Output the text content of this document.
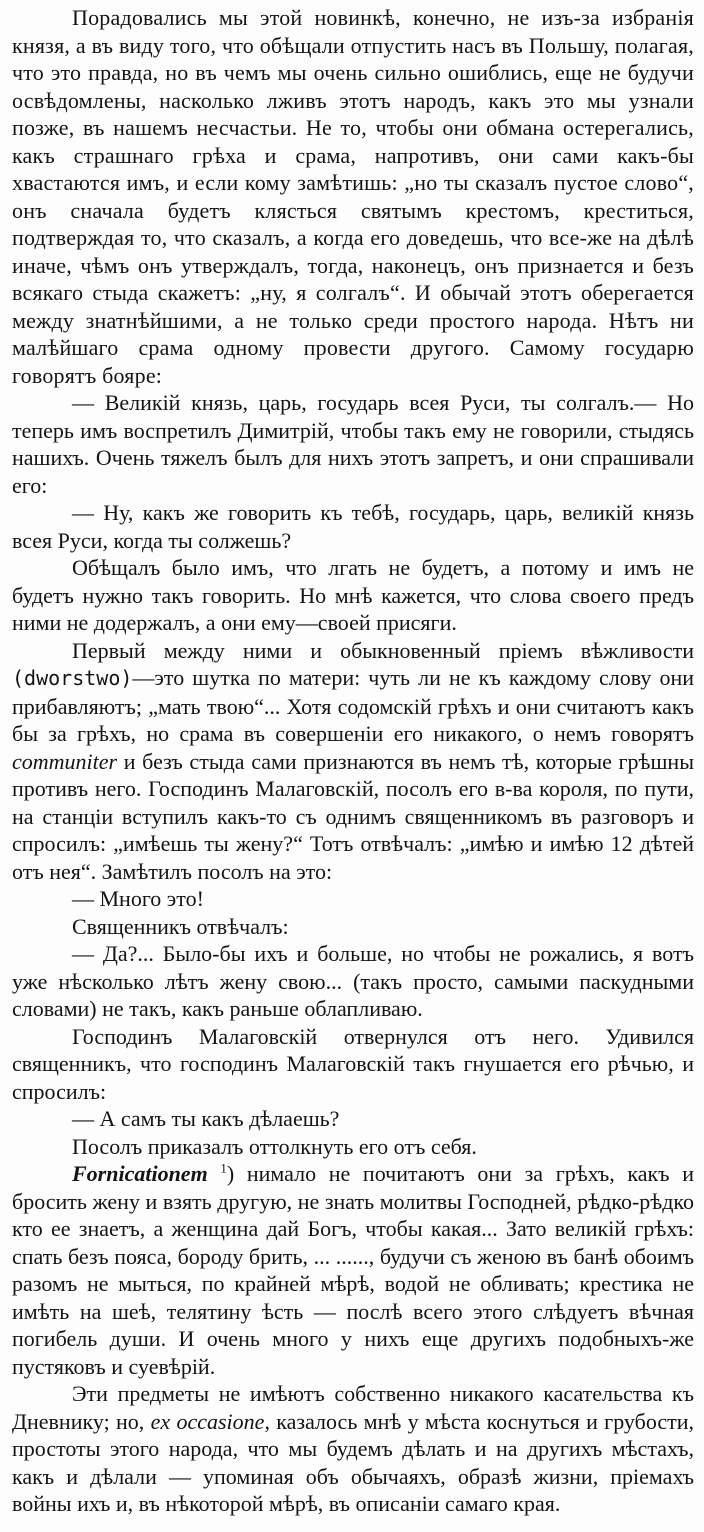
Порадовались мы этой новинкѣ, конечно, не изъ-за избранія князя, а въ виду того, что обѣщали отпустить насъ въ Польшу, полагая, что это правда, но въ чемъ мы очень сильно ошиблись, еще не будучи освѣдомлены, насколько лживъ этотъ народъ, какъ это мы узнали позже, въ нашемъ несчастьи. Не то, чтобы они обмана остерегались, какъ страшнаго грѣха и срама, напротивъ, они сами какъ-бы хвастаются имъ, и если кому замѣтишь: „но ты сказалъ пустое слово“, онъ сначала будетъ клясться святымъ крестомъ, креститься, подтверждая то, что сказалъ, а когда его доведешь, что все-же на дѣлѣ иначе, чѣмъ онъ утверждалъ, тогда, наконецъ, онъ признается и безъ всякаго стыда скажетъ: „ну, я солгалъ“. И обычай этотъ оберегается между знатнѣйшими, а не только среди простого народа. Нѣтъ ни малѣйшаго срама одному провести другого. Самому государю говорятъ бояре:

— Великій князь, царь, государь всея Руси, ты солгалъ.— Но теперь имъ воспретилъ Димитрій, чтобы такъ ему не говорили, стыдясь нашихъ. Очень тяжелъ былъ для нихъ этотъ запретъ, и они спрашивали его:

— Ну, какъ же говорить къ тебѣ, государь, царь, великій князь всея Руси, когда ты солжешь?

Обѣщалъ было имъ, что лгать не будетъ, а потому и имъ не будетъ нужно такъ говорить. Но мнѣ кажется, что слова своего предъ ними не додержалъ, а они ему—своей присяги.

Первый между ними и обыкновенный пріемъ вѣжливости (dworstwo)—это шутка по матери: чуть ли не къ каждому слову они прибавляютъ; „мать твою“... Хотя содомскій грѣхъ и они считаютъ какъ бы за грѣхъ, но срама въ совершеніи его никакого, о немъ говорятъ communiter и безъ стыда сами признаются въ немъ тѣ, которые грѣшны противъ него. Господинъ Малаговскій, посолъ его в-ва короля, по пути, на станціи вступилъ какъ-то съ однимъ священникомъ въ разговоръ и спросилъ: „имѣешь ты жену?“ Тотъ отвѣчалъ: „имѣю и имѣю 12 дѣтей отъ нея“. Замѣтилъ посолъ на это:

— Много это!

Священникъ отвѣчалъ:

— Да?... Было-бы ихъ и больше, но чтобы не рожались, я вотъ уже нѣсколько лѣтъ жену свою... (такъ просто, самыми паскудными словами) не такъ, какъ раньше облапливаю.

Господинъ Малаговскій отвернулся отъ него. Удивился священникъ, что господинъ Малаговскій такъ гнушается его рѣчью, и спросилъ:

— А самъ ты какъ дѣлаешь?

Посолъ приказалъ оттолкнуть его отъ себя.

Fornicationem $^1$) нимало не почитаютъ они за грѣхъ, какъ и бросить жену и взять другую, не знать молитвы Господней, рѣдко-рѣдко кто ее знаетъ, а женщина дай Богъ, чтобы какая... Зато великій грѣхъ: спать безъ пояса, бороду брить, ... ......, будучи съ женою въ банѣ обоимъ разомъ не мыться, по крайней мѣрѣ, водой не обливать; крестика не имѣть на шеѣ, телятину ѣсть — послѣ всего этого слѣдуетъ вѣчная погибель души. И очень много у нихъ еще другихъ подобныхъ-же пустяковъ и суевѣрій.

Эти предметы не имѣютъ собственно никакого касательства къ Дневнику; но, ex occasione, казалось мнѣ у мѣста коснуться и грубости, простоты этого народа, что мы будемъ дѣлать и на другихъ мѣстахъ, какъ и дѣлали — упоминая объ обычаяхъ, образѣ жизни, пріемахъ войны ихъ и, въ нѣкоторой мѣрѣ, въ описаніи самаго края.
